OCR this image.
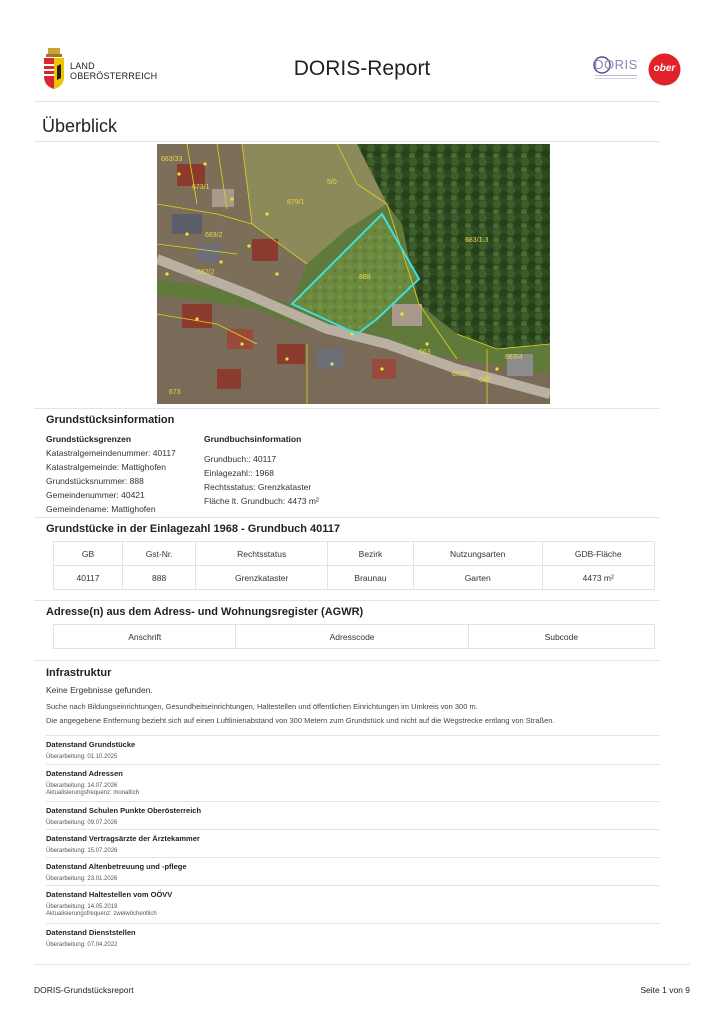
LAND
OBERÖSTERREICH	DORIS-Report	DORIS	ober
Überblick
683/33
683/2
673/1
682/2
5/0
879/1
888
683/1.3
663
663/4
665/6
682
673
Grundstücksinformation
Grundstücksgrenzen
Katastralgemeindenummer: 40117
Katastralgemeinde: Mattighofen
Grundstücksnummer: 888
Gemeindenummer: 40421
Gemeindename: Mattighofen
Grundbuchsinformation
Grundbuch:: 40117
Einlagezahl:: 1968
Rechtsstatus: Grenzkataster
Fläche lt. Grundbuch: 4473 m²
Grundstücke in der Einlagezahl 1968 - Grundbuch 40117
GB	Gst-Nr.	Rechtsstatus	Bezirk	Nutzungsarten	GDB-Fläche
40117	888	Grenzkataster	Braunau	Garten	4473 m²
Adresse(n) aus dem Adress- und Wohnungsregister (AGWR)
Anschrift	Adresscode	Subcode
Infrastruktur
Keine Ergebnisse gefunden.
Suche nach Bildungseinrichtungen, Gesundheitseinrichtungen, Haltestellen und öffentlichen Einrichtungen im Umkreis von 300 m.
Die angegebene Entfernung bezieht sich auf einen Luftlinienabstand von 300 Metern zum Grundstück und nicht auf die Wegstrecke entlang von Straßen.
Datenstand Grundstücke
Überarbeitung: 01.10.2025
Datenstand Adressen
Überarbeitung: 14.07.2026
Aktualisierungsfrequenz: monatlich
Datenstand Schulen Punkte Oberösterreich
Überarbeitung: 09.07.2026
Datenstand Vertragsärzte der Ärztekammer
Überarbeitung: 15.07.2026
Datenstand Altenbetreuung und -pflege
Überarbeitung: 23.01.2026
Datenstand Haltestellen vom OÖVV
Überarbeitung: 14.05.2019
Aktualisierungsfrequenz: zweiwöchentlich
Datenstand Dienststellen
Überarbeitung: 07.04.2022
DORIS-Grundstücksreport	Seite 1 von 9
